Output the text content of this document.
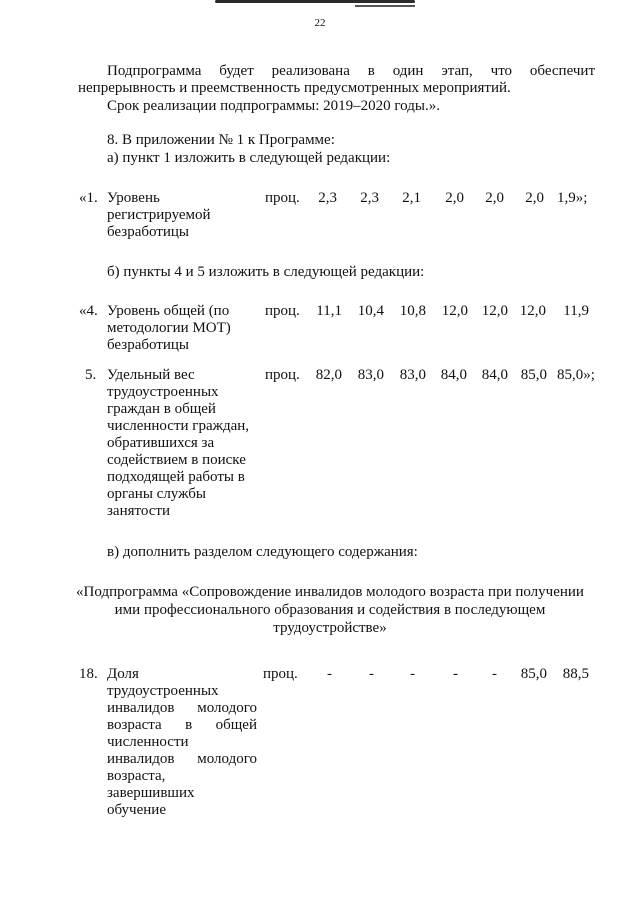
22
Подпрограмма будет реализована в один этап, что обеспечит
непрерывность и преемственность предусмотренных мероприятий.
Срок реализации подпрограммы: 2019–2020 годы.».
8. В приложении № 1 к Программе:
а) пункт 1 изложить в следующей редакции:
«1. Уровень
регистрируемой
безработицы
проц.	2,3	2,3	2,1	2,0	2,0	2,0 1,9»;
б) пункты 4 и 5 изложить в следующей редакции:
«4. Уровень общей (по
методологии МОТ)
безработицы
проц.	11,1	10,4	10,8	12,0 12,0 12,0	11,9
5. Удельный вес
трудоустроенных
граждан в общей
численности граждан,
обратившихся за
содействием в поиске
подходящей работы в
органы службы
занятости
проц.	82,0	83,0	83,0 84,0 84,0 85,0 85,0»;
в) дополнить разделом следующего содержания:
«Подпрограмма «Сопровождение инвалидов молодого возраста при получении
ими профессионального образования и содействия в последующем
трудоустройстве»
18. Доля
трудоустроенных
инвалидов молодого
возраста в общей
численности
инвалидов молодого
возраста,
завершивших
обучение
проц.	-	-	-	-	-	85,0	88,5
